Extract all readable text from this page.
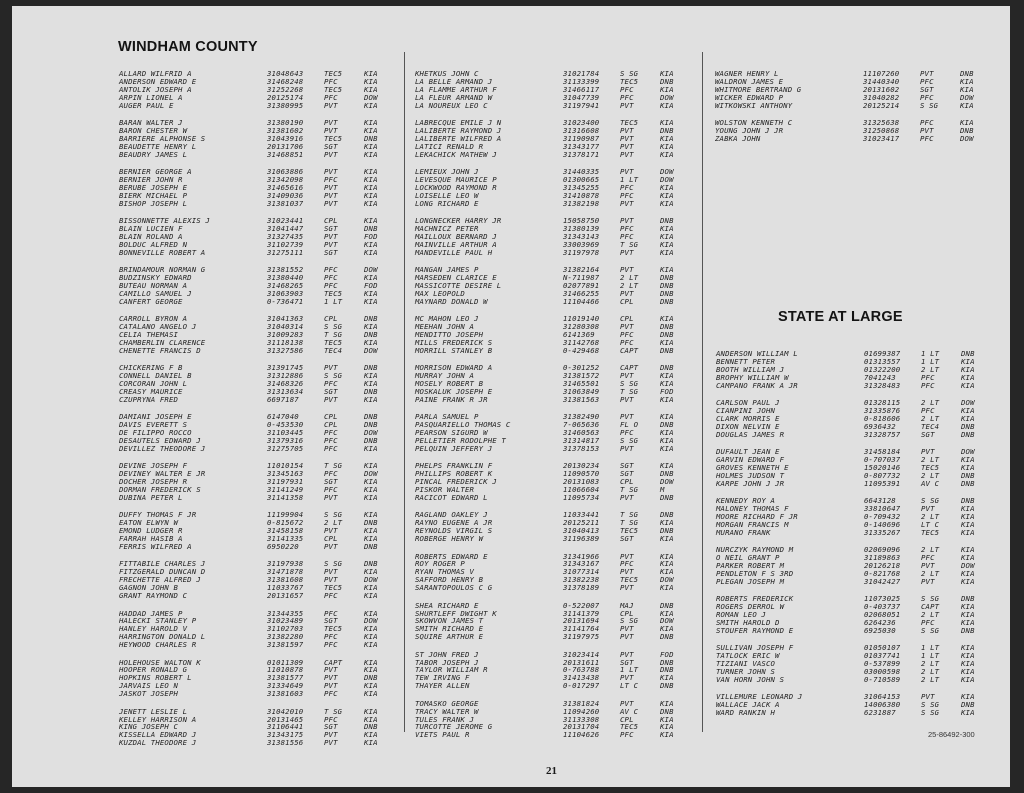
WINDHAM COUNTY
STATE AT LARGE
ALLARD WILFRID A	31048643	TEC5	KIA
ANDERSON EDWARD E	31468248	PFC	KIA
ANTOLIK JOSEPH A	31252268	TEC5	KIA
ARPIN LIONEL A	20125174	PFC	DOW
AUGER PAUL E	31380995	PVT	KIA
BARAN WALTER J	31380190	PVT	KIA
BARON CHESTER W	31381602	PVT	KIA
BARRIERE ALPHONSE S	31043916	TEC5	DNB
BEAUDETTE HENRY L	20131706	SGT	KIA
BEAUDRY JAMES L	31468851	PVT	KIA
BERNIER GEORGE A	31063886	PVT	KIA
BERNIER JOHN R	31342098	PFC	KIA
BERUBE JOSEPH E	31465616	PVT	KIA
BIERK MICHAEL P	31409036	PVT	KIA
BISHOP JOSEPH L	31381037	PVT	KIA
BISSONNETTE ALEXIS J	31023441	CPL	KIA
BLAIN LUCIEN F	31041447	SGT	DNB
BLAIN ROLAND A	31327435	PVT	FOD
BOLDUC ALFRED N	31102739	PVT	KIA
BONNEVILLE ROBERT A	31275111	SGT	KIA
BRINDAMOUR NORMAN G	31381552	PFC	DOW
BUDZINSKY EDWARD	31380440	PFC	KIA
BUTEAU NORMAN A	31468265	PFC	FOD
CAMILLO SAMUEL J	31063903	TEC5	KIA
CANFERT GEORGE	0-736471	1 LT	KIA
CARROLL BYRON A	31041363	CPL	DNB
CATALANO ANGELO J	31040314	S SG	KIA
CELIA THEMASI	31009283	T SG	DNB
CHAMBERLIN CLARENCE	31118138	TEC5	KIA
CHENETTE FRANCIS D	31327586	TEC4	DOW
CHICKERING F B	31391745	PVT	DNB
CONNELL DANIEL B	31312886	S SG	KIA
CORCORAN JOHN L	31468326	PFC	KIA
CREASY MAURICE	31313634	SGT	DNB
CZUPRYNA FRED	6697187	PVT	KIA
DAMIANI JOSEPH E	6147040	CPL	DNB
DAVIS EVERETT S	0-453530	CPL	DNB
DE FILIPPO ROCCO	31103445	PFC	DOW
DESAUTELS EDWARD J	31379316	PFC	DNB
DEVILLEZ THEODORE J	31275705	PFC	KIA
DEVINE JOSEPH F	11010154	T SG	KIA
DEVINEY WALTER E JR	31345163	PFC	DOW
DOCHER JOSEPH R	31197931	SGT	KIA
DORMAN FREDERICK S	31141249	PFC	KIA
DUBINA PETER L	31141358	PVT	KIA
DUFFY THOMAS F JR	11199904	S SG	KIA
EATON ELWYN W	0-815672	2 LT	DNB
EMOND LUDGER R	31458158	PVT	KIA
FARRAH HASIB A	31141335	CPL	KIA
FERRIS WILFRED A	6950220	PVT	DNB
FITTABILE CHARLES J	31197938	S SG	DNB
FITZGERALD DUNCAN D	31471878	PVT	KIA
FRECHETTE ALFRED J	31381608	PVT	DOW
GAGNON JOHN B	11033767	TEC5	KIA
GRANT RAYMOND C	20131657	PFC	KIA
HADDAD JAMES P	31344355	PFC	KIA
HALECKI STANLEY P	31023489	SGT	DOW
HANLEY HAROLD V	31102703	TEC5	KIA
HARRINGTON DONALD L	31382280	PFC	KIA
HEYWOOD CHARLES R	31381597	PFC	KIA
HOLEHOUSE WALTON K	01011309	CAPT	KIA
HOOPER RONALD G	11010878	PVT	KIA
HOPKINS ROBERT L	31381577	PVT	DNB
JARVAIS LEO N	31334649	PVT	KIA
JASKOT JOSEPH	31381603	PFC	KIA
JENETT LESLIE L	31042010	T SG	KIA
KELLEY HARRISON A	20131465	PFC	KIA
KING JOSEPH C	31106441	SGT	DNB
KISSELLA EDWARD J	31343175	PVT	KIA
KUZDAL THEODORE J	31381556	PVT	KIA
KHETKUS JOHN C	31021784	S SG	KIA
LA BELLE ARMAND J	31133399	TEC5	DNB
LA FLAMME ARTHUR F	31466117	PFC	KIA
LA FLEUR ARMAND W	31047739	PFC	DOW
LA NOUREUX LEO C	31197941	PVT	KIA
LABRECQUE EMILE J N	31023400	TEC5	KIA
LALIBERTE RAYMOND J	31316608	PVT	DNB
LALIBERTE WILFRED A	31190987	PVT	KIA
LATICI RENALD R	31343177	PVT	KIA
LEKACHICK MATHEW J	31378171	PVT	KIA
LEMIEUX JOHN J	31440335	PVT	DOW
LEVESQUE MAURICE P	01300665	1 LT	DOW
LOCKWOOD RAYMOND R	31345255	PFC	KIA
LOISELLE LEO W	31410878	PFC	KIA
LONG RICHARD E	31382198	PVT	KIA
LONGNECKER HARRY JR	15058750	PVT	DNB
MACHNICZ PETER	31380139	PFC	KIA
MAILLOUX BERNARD J	31343143	PFC	KIA
MAINVILLE ARTHUR A	33003969	T SG	KIA
MANDEVILLE PAUL H	31197978	PVT	KIA
MANGAN JAMES P	31382164	PVT	KIA
MARSEDEN CLARICE E	N-711987	2 LT	DNB
MASSICOTTE DESIRE L	02077891	2 LT	DNB
MAX LEOPOLD	31466255	PVT	DNB
MAYNARD DONALD W	11104466	CPL	DNB
MC MAHON LEO J	11019140	CPL	KIA
MEEHAN JOHN A	31280308	PVT	DNB
MENDITTO JOSEPH	6141369	PFC	DNB
MILLS FREDERICK S	31142768	PFC	KIA
MORRILL STANLEY B	0-429468	CAPT	DNB
MORRISON EDWARD A	0-301252	CAPT	DNB
MURRAY JOHN A	31381572	PVT	KIA
MOSELY ROBERT B	31465501	S SG	KIA
MOSKALUK JOSEPH E	31063849	T SG	FOD
PAINE FRANK R JR	31381563	PVT	KIA
PARLA SAMUEL P	31382490	PVT	KIA
PASQUARIELLO THOMAS C	7-065636	FL O	DNB
PEARSON SIGURD W	31460563	PFC	KIA
PELLETIER RODOLPHE T	31314817	S SG	KIA
PELQUIN JEFFERY J	31378153	PVT	KIA
PHELPS FRANKLIN F	20130234	SGT	KIA
PHILLIPS ROBERT K	11090570	SGT	DNB
PINCAL FREDERICK J	20131083	CPL	DOW
PISKOR WALTER	11066604	T SG	M
RACICOT EDWARD L	11095734	PVT	DNB
RAGLAND OAKLEY J	11033441	T SG	DNB
RAYNO EUGENE A JR	20125211	T SG	KIA
REYNOLDS VIRGIL S	31040413	TEC5	DNB
ROBERGE HENRY W	31196389	SGT	KIA
ROBERTS EDWARD E	31341966	PVT	KIA
ROY ROGER P	31343167	PFC	KIA
RYAN THOMAS V	31077314	PVT	KIA
SAFFORD HENRY B	31382238	TEC5	DOW
SARANTOPOULOS C G	31378189	PVT	KIA
SHEA RICHARD E	0-522007	MAJ	DNB
SHURTLEFF DWIGHT K	31141379	CPL	KIA
SKOWVON JAMES T	20131694	S SG	DOW
SMITH RICHARD E	31141764	PVT	KIA
SQUIRE ARTHUR E	31197975	PVT	DNB
ST JOHN FRED J	31023414	PVT	FOD
TABOR JOSEPH J	20131611	SGT	DNB
TAYLOR WILLIAM R	0-763788	1 LT	DNB
TEW IRVING F	31413438	PVT	KIA
THAYER ALLEN	0-017297	LT C	DNB
TOMASKO GEORGE	31381824	PVT	KIA
TRACY WALTER W	11094260	AV C	DNB
TULES FRANK J	31133308	CPL	KIA
TURCOTTE JEROME G	20131704	TEC5	KIA
VIETS PAUL R	11104626	PFC	KIA
WAGNER HENRY L	11107260	PVT	DNB
WALDRON JAMES E	31440340	PFC	KIA
WHITMORE BERTRAND G	20131602	SGT	KIA
WICKER EDWARD P	31040282	PFC	DOW
WITKOWSKI ANTHONY	20125214	S SG	KIA
WOLSTON KENNETH C	31325638	PFC	KIA
YOUNG JOHN J JR	31250868	PVT	DNB
ZABKA JOHN	31023417	PFC	DOW
ANDERSON WILLIAM L	01699387	1 LT	DNB
BENNETT PETER	01313557	1 LT	KIA
BOOTH WILLIAM J	01322200	2 LT	KIA
BROPHY WILLIAM W	7041243	PFC	KIA
CAMPANO FRANK A JR	31328483	PFC	KIA
CARLSON PAUL J	01328115	2 LT	DOW
CIANPINI JOHN	31335876	PFC	KIA
CLARK MORRIS E	0-818606	2 LT	KIA
DIXON NELVIN E	6936432	TEC4	DNB
DOUGLAS JAMES R	31328757	SGT	DNB
DUFAULT JEAN E	31458184	PVT	DOW
GARVIN EDWARD F	0-707037	2 LT	KIA
GROVES KENNETH E	15020146	TEC5	KIA
HOLMES JUDSON T	0-807732	2 LT	DNB
KARPE JOHN J JR	11095391	AV C	DNB
KENNEDY ROY A	6643128	S SG	DNB
MALONEY THOMAS F	33810647	PVT	KIA
MOORE RICHARD F JR	0-709432	2 LT	KIA
MORGAN FRANCIS M	0-140696	LT C	KIA
MURANO FRANK	31335267	TEC5	KIA
NURCZYK RAYMOND M	02069096	2 LT	KIA
O NEIL GRANT P	31189863	PFC	KIA
PARKER ROBERT M	20126218	PVT	DOW
PENDLETON F S 3RD	0-821768	2 LT	KIA
PLEGAN JOSEPH M	31042427	PVT	KIA
ROBERTS FREDERICK	11073025	S SG	DNB
ROGERS DERROL W	0-403737	CAPT	KIA
ROMAN LEO J	02068051	2 LT	KIA
SMITH HAROLD D	6264236	PFC	KIA
STOUFER RAYMOND E	6925030	S SG	DNB
SULLIVAN JOSEPH F	01050107	1 LT	KIA
TATLOCK ERIC W	01037741	1 LT	KIA
TIZIANI VASCO	0-537899	2 LT	KIA
TURNER JOHN S	03000598	2 LT	KIA
VAN HORN JOHN S	0-710589	2 LT	KIA
VILLEMURE LEONARD J	31064153	PVT	KIA
WALLACE JACK A	14006380	S SG	DNB
WARD RANKIN H	6231887	S SG	KIA
21
25-86492-300
